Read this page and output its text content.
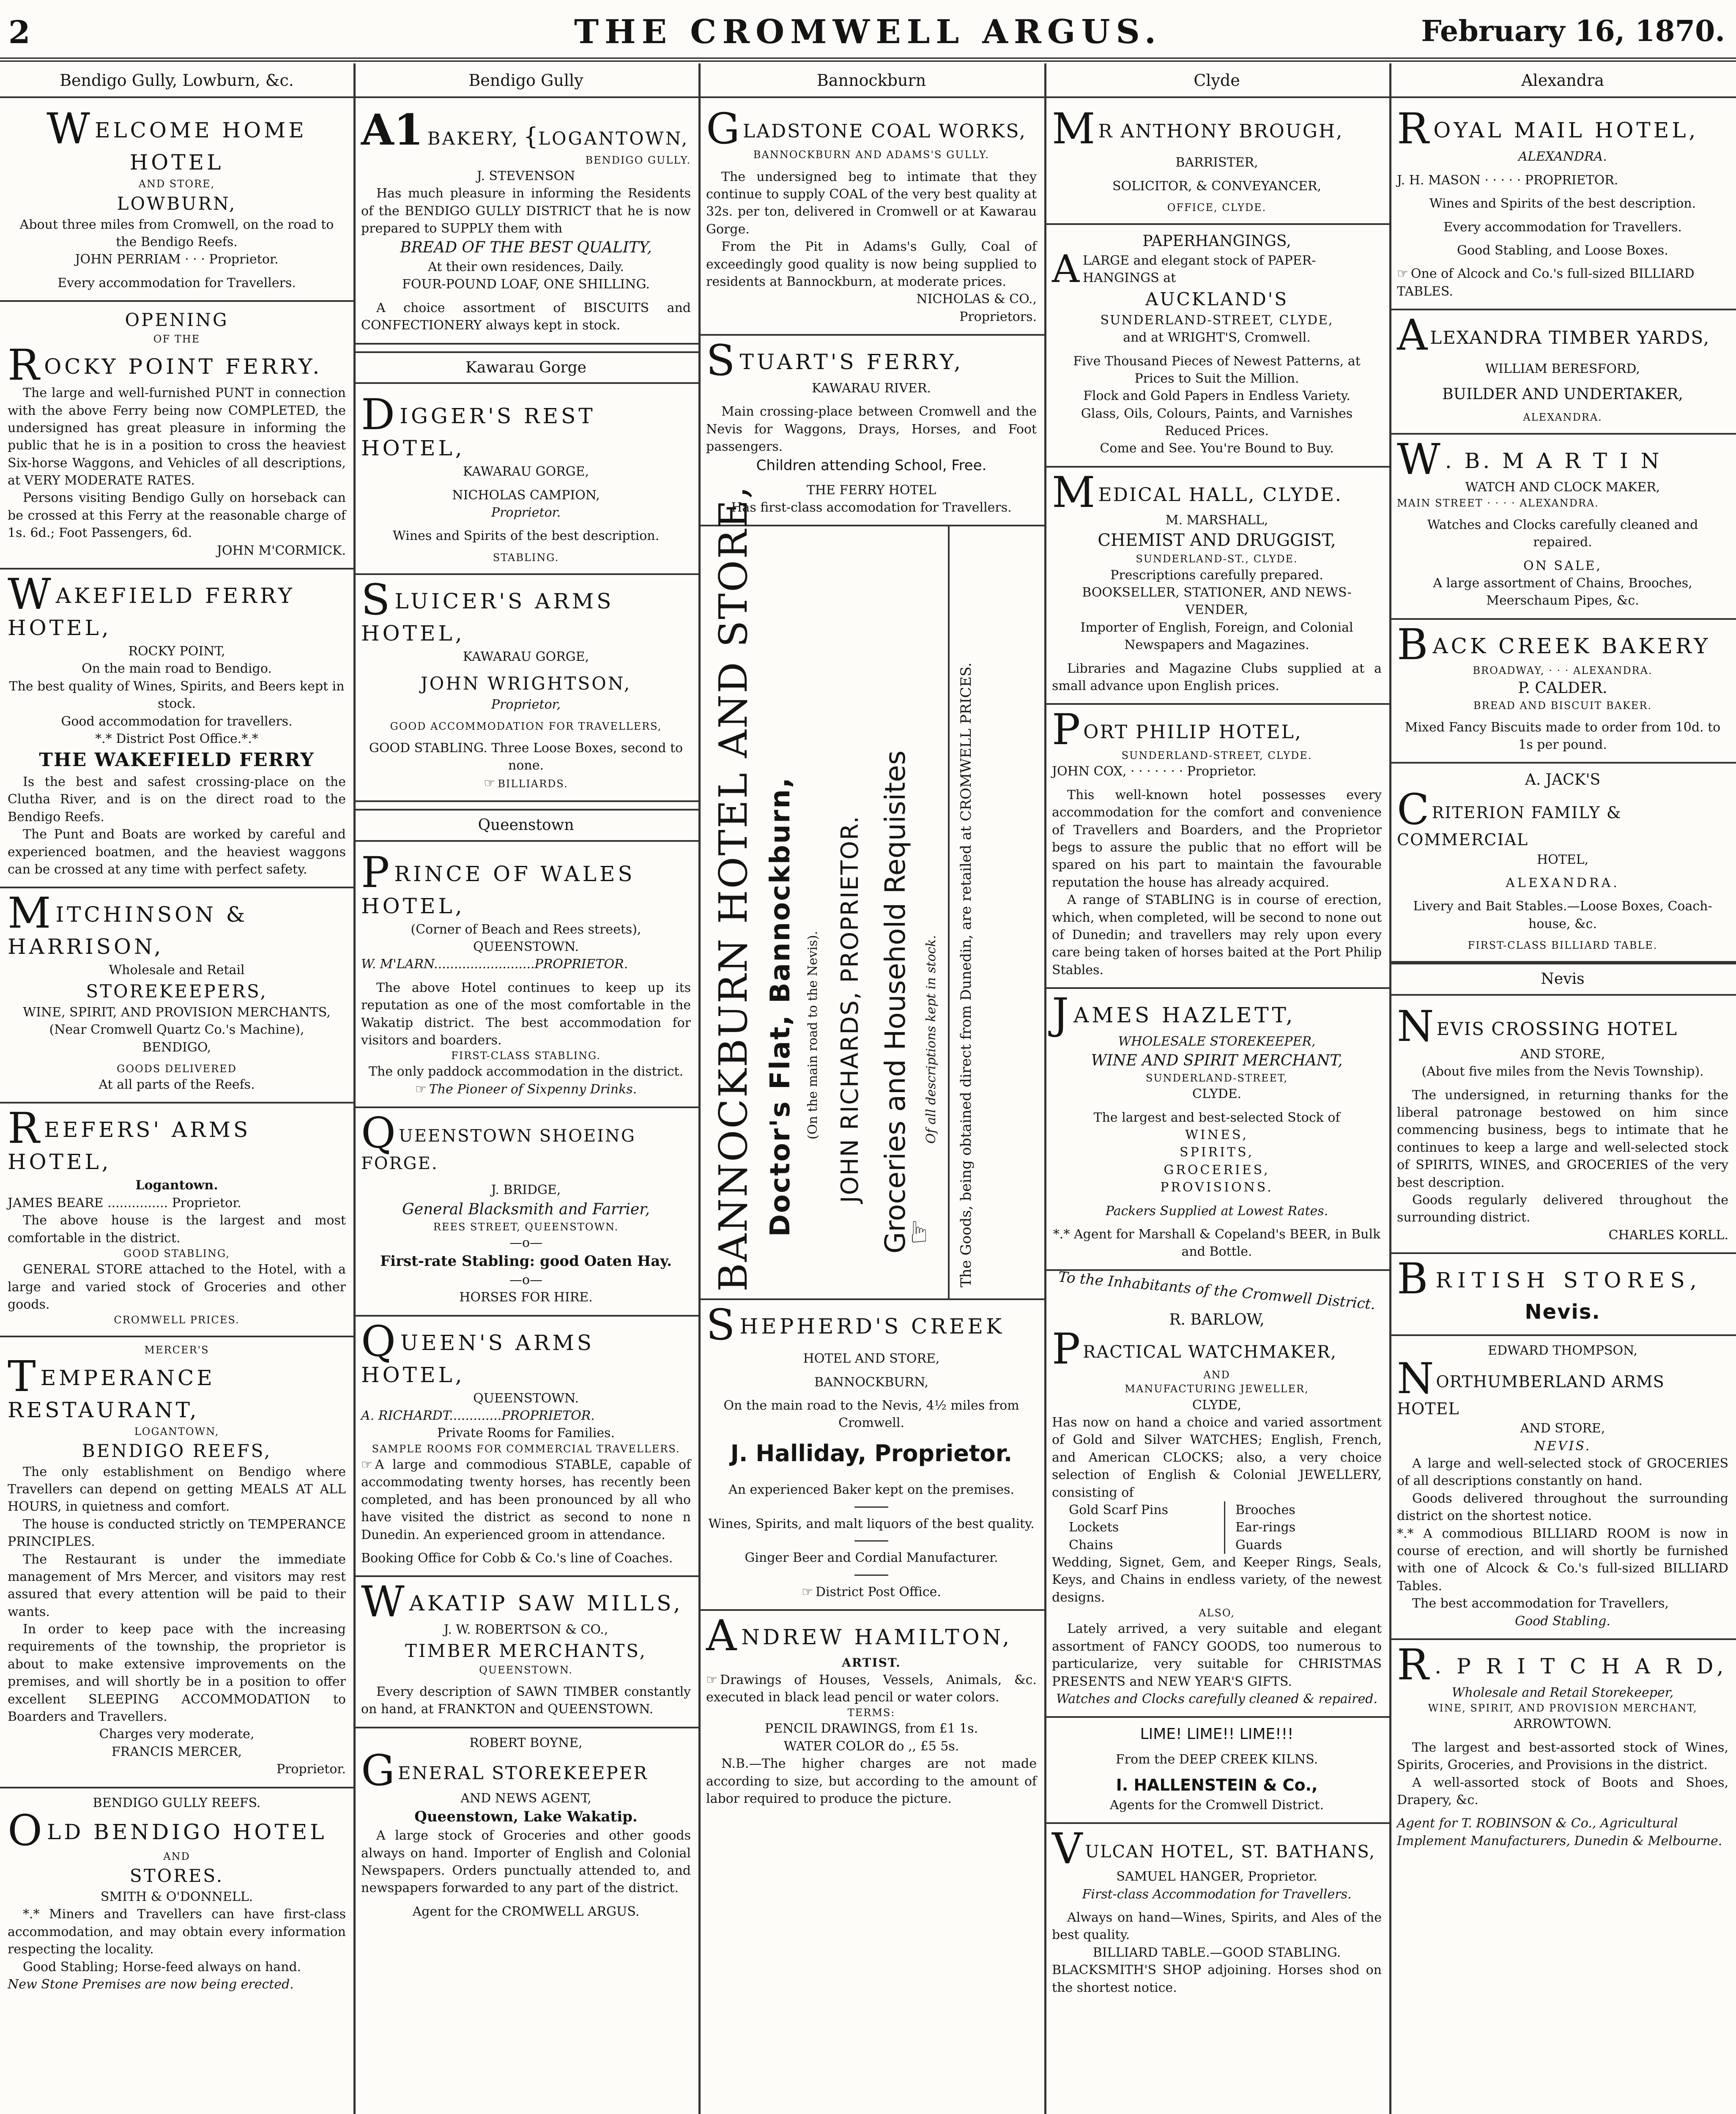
2	THE CROMWELL ARGUS.	February 16, 1870.
Bendigo Gully, Lowburn, &c.
WELCOME HOME HOTEL
AND STORE,
LOWBURN,
About three miles from Cromwell, on the road to the Bendigo Reefs.
JOHN PERRIAM · · · Proprietor.
Every accommodation for Travellers.
OPENING
OF THE
ROCKY POINT FERRY.
The large and well-furnished PUNT in connection with the above Ferry being now COMPLETED, the undersigned has great pleasure in informing the public that he is in a position to cross the heaviest Six-horse Waggons, and Vehicles of all descriptions, at VERY MODERATE RATES.
Persons visiting Bendigo Gully on horseback can be crossed at this Ferry at the reasonable charge of 1s. 6d.; Foot Passengers, 6d.
JOHN M'CORMICK.
WAKEFIELD FERRY HOTEL,
ROCKY POINT,
On the main road to Bendigo.
The best quality of Wines, Spirits, and Beers kept in stock.
Good accommodation for travellers.
*.* District Post Office.*.*
THE WAKEFIELD FERRY
Is the best and safest crossing-place on the Clutha River, and is on the direct road to the Bendigo Reefs.
The Punt and Boats are worked by careful and experienced boatmen, and the heaviest waggons can be crossed at any time with perfect safety.
MITCHINSON & HARRISON,
Wholesale and Retail
STOREKEEPERS,
WINE, SPIRIT, AND PROVISION MERCHANTS,
(Near Cromwell Quartz Co.'s Machine),
BENDIGO,
GOODS DELIVERED
At all parts of the Reefs.
REEFERS' ARMS HOTEL,
Logantown.
JAMES BEARE ............... Proprietor.
The above house is the largest and most comfortable in the district.
GOOD STABLING,
GENERAL STORE attached to the Hotel, with a large and varied stock of Groceries and other goods.
CROMWELL PRICES.
MERCER'S
TEMPERANCE RESTAURANT,
LOGANTOWN,
BENDIGO REEFS,
The only establishment on Bendigo where Travellers can depend on getting MEALS AT ALL HOURS, in quietness and comfort.
The house is conducted strictly on TEMPERANCE PRINCIPLES.
The Restaurant is under the immediate management of Mrs Mercer, and visitors may rest assured that every attention will be paid to their wants.
In order to keep pace with the increasing requirements of the township, the proprietor is about to make extensive improvements on the premises, and will shortly be in a position to offer excellent SLEEPING ACCOMMODATION to Boarders and Travellers.
Charges very moderate,
FRANCIS MERCER,
Proprietor.
BENDIGO GULLY REEFS.
OLD BENDIGO HOTEL
AND
STORES.
SMITH & O'DONNELL.
*.* Miners and Travellers can have first-class accommodation, and may obtain every information respecting the locality.
Good Stabling; Horse-feed always on hand.
New Stone Premises are now being erected.
Bendigo Gully
A1 BAKERY, {LOGANTOWN,
BENDIGO GULLY.
J. STEVENSON
Has much pleasure in informing the Residents of the BENDIGO GULLY DISTRICT that he is now prepared to SUPPLY them with
BREAD OF THE BEST QUALITY,
At their own residences, Daily.
FOUR-POUND LOAF, ONE SHILLING.
A choice assortment of BISCUITS and CONFECTIONERY always kept in stock.
Kawarau Gorge
DIGGER'S REST HOTEL,
KAWARAU GORGE,
NICHOLAS CAMPION,
Proprietor.
Wines and Spirits of the best description.
STABLING.
SLUICER'S ARMS HOTEL,
KAWARAU GORGE,
JOHN WRIGHTSON,
Proprietor,
GOOD ACCOMMODATION FOR TRAVELLERS,
GOOD STABLING. Three Loose Boxes, second to none.
☞ BILLIARDS.
Queenstown
PRINCE OF WALES HOTEL,
(Corner of Beach and Rees streets),
QUEENSTOWN.
W. M'LARN.........................PROPRIETOR.
The above Hotel continues to keep up its reputation as one of the most comfortable in the Wakatip district. The best accommodation for visitors and boarders.
FIRST-CLASS STABLING.
The only paddock accommodation in the district.
☞ The Pioneer of Sixpenny Drinks.
QUEENSTOWN SHOEING FORGE.
J. BRIDGE,
General Blacksmith and Farrier,
REES STREET, QUEENSTOWN.
—o—
First-rate Stabling: good Oaten Hay.
—o—
HORSES FOR HIRE.
QUEEN'S ARMS HOTEL,
QUEENSTOWN.
A. RICHARDT.............PROPRIETOR.
Private Rooms for Families.
SAMPLE ROOMS FOR COMMERCIAL TRAVELLERS.
☞ A large and commodious STABLE, capable of accommodating twenty horses, has recently been completed, and has been pronounced by all who have visited the district as second to none n Dunedin. An experienced groom in attendance.
Booking Office for Cobb & Co.'s line of Coaches.
WAKATIP SAW MILLS,
J. W. ROBERTSON & CO.,
TIMBER MERCHANTS,
QUEENSTOWN.
Every description of SAWN TIMBER constantly on hand, at FRANKTON and QUEENSTOWN.
ROBERT BOYNE,
GENERAL STOREKEEPER
AND NEWS AGENT,
Queenstown, Lake Wakatip.
A large stock of Groceries and other goods always on hand. Importer of English and Colonial Newspapers. Orders punctually attended to, and newspapers forwarded to any part of the district.
Agent for the CROMWELL ARGUS.
Bannockburn
GLADSTONE COAL WORKS,
BANNOCKBURN AND ADAMS'S GULLY.
The undersigned beg to intimate that they continue to supply COAL of the very best quality at 32s. per ton, delivered in Cromwell or at Kawarau Gorge.
From the Pit in Adams's Gully, Coal of exceedingly good quality is now being supplied to residents at Bannockburn, at moderate prices.
NICHOLAS & CO.,
Proprietors.
STUART'S FERRY,
KAWARAU RIVER.
Main crossing-place between Cromwell and the Nevis for Waggons, Drays, Horses, and Foot passengers.
Children attending School, Free.
THE FERRY HOTEL
Has first-class accomodation for Travellers.
BANNOCKBURN HOTEL AND STORE, Doctor's Flat, Bannockburn, (On the main road to the Nevis). JOHN RICHARDS, PROPRIETOR. Groceries and Household Requisites Of all descriptions kept in stock. The Goods, being obtained direct from Dunedin, are retailed at CROMWELL PRICES.
☞
SHEPHERD'S CREEK
HOTEL AND STORE,
BANNOCKBURN,
On the main road to the Nevis, 4½ miles from Cromwell.
J. Halliday, Proprietor.
An experienced Baker kept on the premises.
Wines, Spirits, and malt liquors of the best quality.
Ginger Beer and Cordial Manufacturer.
☞ District Post Office.
ANDREW HAMILTON,
ARTIST.
☞ Drawings of Houses, Vessels, Animals, &c. executed in black lead pencil or water colors.
TERMS:
PENCIL DRAWINGS, from £1 1s.
WATER COLOR do ,, £5 5s.
N.B.—The higher charges are not made according to size, but according to the amount of labor required to produce the picture.
Clyde
MR ANTHONY BROUGH,
BARRISTER,
SOLICITOR, & CONVEYANCER,
OFFICE, CLYDE.
PAPERHANGINGS,
ALARGE and elegant stock of PAPER-HANGINGS at
AUCKLAND'S
SUNDERLAND-STREET, CLYDE,
and at WRIGHT'S, Cromwell.
Five Thousand Pieces of Newest Patterns, at Prices to Suit the Million.
Flock and Gold Papers in Endless Variety.
Glass, Oils, Colours, Paints, and Varnishes Reduced Prices.
Come and See. You're Bound to Buy.
MEDICAL HALL, CLYDE.
M. MARSHALL,
CHEMIST AND DRUGGIST,
SUNDERLAND-ST., CLYDE.
Prescriptions carefully prepared.
BOOKSELLER, STATIONER, AND NEWS-VENDER,
Importer of English, Foreign, and Colonial Newspapers and Magazines.
Libraries and Magazine Clubs supplied at a small advance upon English prices.
PORT PHILIP HOTEL,
SUNDERLAND-STREET, CLYDE.
JOHN COX, · · · · · · · Proprietor.
This well-known hotel possesses every accommodation for the comfort and convenience of Travellers and Boarders, and the Proprietor begs to assure the public that no effort will be spared on his part to maintain the favourable reputation the house has already acquired.
A range of STABLING is in course of erection, which, when completed, will be second to none out of Dunedin; and travellers may rely upon every care being taken of horses baited at the Port Philip Stables.
JAMES HAZLETT,
WHOLESALE STOREKEEPER,
WINE AND SPIRIT MERCHANT,
SUNDERLAND-STREET,
CLYDE.
The largest and best-selected Stock of
WINES,
SPIRITS,
GROCERIES,
PROVISIONS.
Packers Supplied at Lowest Rates.
*.* Agent for Marshall & Copeland's BEER, in Bulk and Bottle.
To the Inhabitants of the Cromwell District.
R. BARLOW,
PRACTICAL WATCHMAKER,
AND
MANUFACTURING JEWELLER,
CLYDE,
Has now on hand a choice and varied assortment of Gold and Silver WATCHES; English, French, and American CLOCKS; also, a very choice selection of English & Colonial JEWELLERY, consisting of
Gold Scarf Pins
Lockets
Chains
Brooches
Ear-rings
Guards
Wedding, Signet, Gem, and Keeper Rings, Seals, Keys, and Chains in endless variety, of the newest designs.
ALSO,
Lately arrived, a very suitable and elegant assortment of FANCY GOODS, too numerous to particularize, very suitable for CHRISTMAS PRESENTS and NEW YEAR'S GIFTS.
Watches and Clocks carefully cleaned & repaired.
LIME! LIME!! LIME!!!
From the DEEP CREEK KILNS.
I. HALLENSTEIN & Co.,
Agents for the Cromwell District.
VULCAN HOTEL, ST. BATHANS,
SAMUEL HANGER, Proprietor.
First-class Accommodation for Travellers.
Always on hand—Wines, Spirits, and Ales of the best quality.
BILLIARD TABLE.—GOOD STABLING.
BLACKSMITH'S SHOP adjoining. Horses shod on the shortest notice.
Alexandra
ROYAL MAIL HOTEL,
ALEXANDRA.
J. H. MASON · · · · · PROPRIETOR.
Wines and Spirits of the best description.
Every accommodation for Travellers.
Good Stabling, and Loose Boxes.
☞ One of Alcock and Co.'s full-sized BILLIARD TABLES.
ALEXANDRA TIMBER YARDS,
WILLIAM BERESFORD,
BUILDER AND UNDERTAKER,
ALEXANDRA.
W. B. M A R T I N
WATCH AND CLOCK MAKER,
MAIN STREET · · · · ALEXANDRA.
Watches and Clocks carefully cleaned and repaired.
ON SALE,
A large assortment of Chains, Brooches, Meerschaum Pipes, &c.
BACK CREEK BAKERY
BROADWAY, · · · ALEXANDRA.
P. CALDER.
BREAD AND BISCUIT BAKER.
Mixed Fancy Biscuits made to order from 10d. to 1s per pound.
A. JACK'S
CRITERION FAMILY & COMMERCIAL
HOTEL,
ALEXANDRA.
Livery and Bait Stables.—Loose Boxes, Coach-house, &c.
FIRST-CLASS BILLIARD TABLE.
Nevis
NEVIS CROSSING HOTEL
AND STORE,
(About five miles from the Nevis Township).
The undersigned, in returning thanks for the liberal patronage bestowed on him since commencing business, begs to intimate that he continues to keep a large and well-selected stock of SPIRITS, WINES, and GROCERIES of the very best description.
Goods regularly delivered throughout the surrounding district.
CHARLES KORLL.
BRITISH STORES,
Nevis.
EDWARD THOMPSON,
NORTHUMBERLAND ARMS HOTEL
AND STORE,
NEVIS.
A large and well-selected stock of GROCERIES of all descriptions constantly on hand.
Goods delivered throughout the surrounding district on the shortest notice.
*.* A commodious BILLIARD ROOM is now in course of erection, and will shortly be furnished with one of Alcock & Co.'s full-sized BILLIARD Tables.
The best accommodation for Travellers,
Good Stabling.
R. P R I T C H A R D,
Wholesale and Retail Storekeeper,
WINE, SPIRIT, AND PROVISION MERCHANT,
ARROWTOWN.
The largest and best-assorted stock of Wines, Spirits, Groceries, and Provisions in the district.
A well-assorted stock of Boots and Shoes, Drapery, &c.
Agent for T. ROBINSON & Co., Agricultural Implement Manufacturers, Dunedin & Melbourne.
